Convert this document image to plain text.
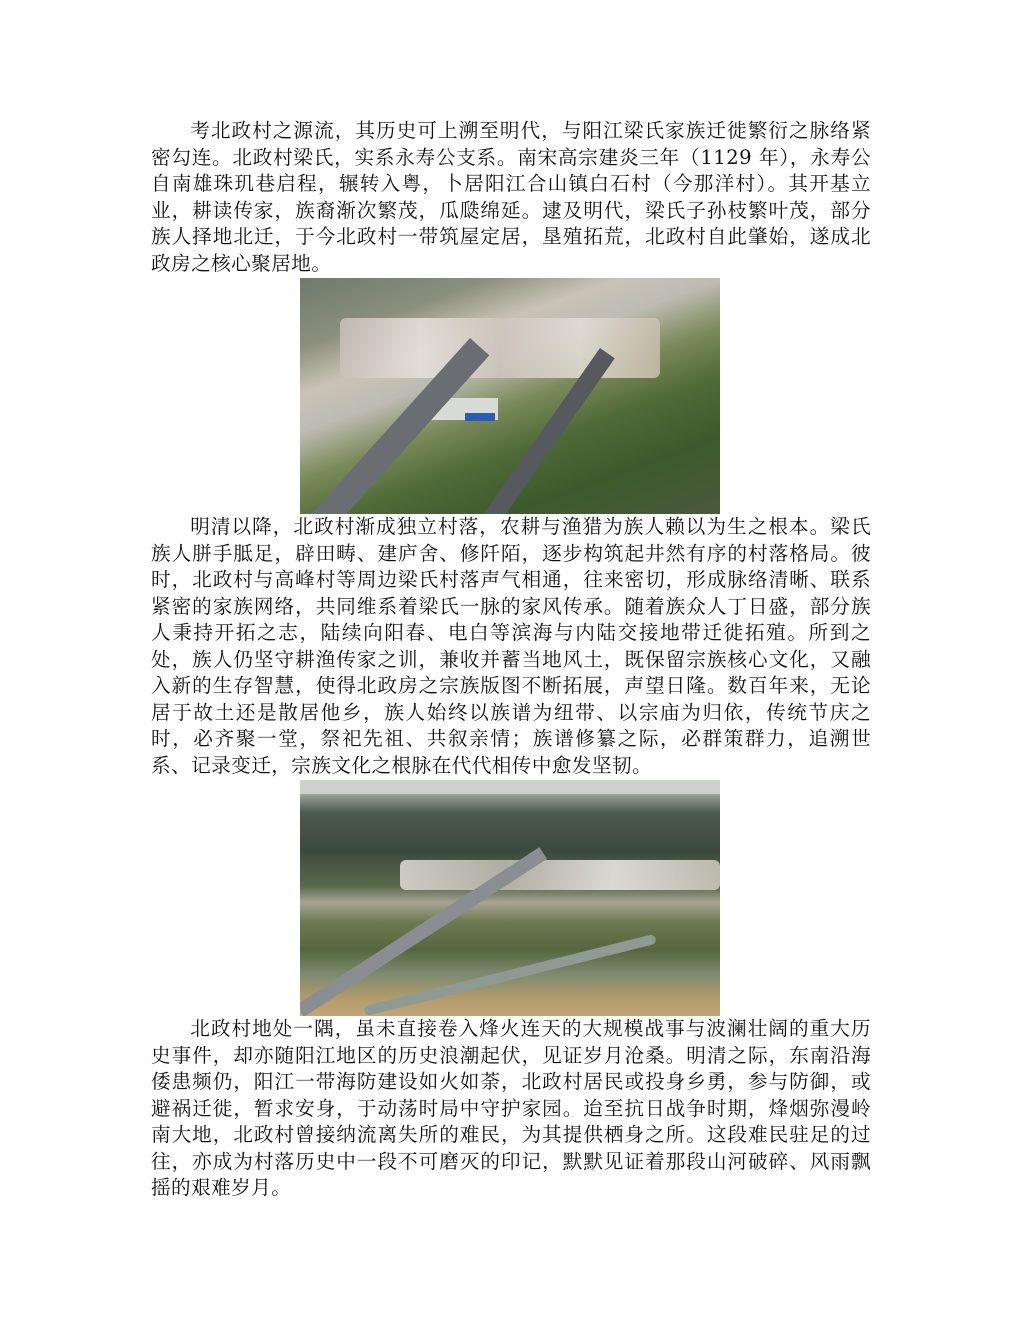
考北政村之源流，其历史可上溯至明代，与阳江梁氏家族迁徙繁衍之脉络紧密勾连。北政村梁氏，实系永寿公支系。南宋高宗建炎三年（1129 年），永寿公自南雄珠玑巷启程，辗转入粤，卜居阳江合山镇白石村（今那洋村）。其开基立业，耕读传家，族裔渐次繁茂，瓜瓞绵延。逮及明代，梁氏子孙枝繁叶茂，部分族人择地北迁，于今北政村一带筑屋定居，垦殖拓荒，北政村自此肇始，遂成北政房之核心聚居地。

明清以降，北政村渐成独立村落，农耕与渔猎为族人赖以为生之根本。梁氏族人胼手胝足，辟田畴、建庐舍、修阡陌，逐步构筑起井然有序的村落格局。彼时，北政村与高峰村等周边梁氏村落声气相通，往来密切，形成脉络清晰、联系紧密的家族网络，共同维系着梁氏一脉的家风传承。随着族众人丁日盛，部分族人秉持开拓之志，陆续向阳春、电白等滨海与内陆交接地带迁徙拓殖。所到之处，族人仍坚守耕渔传家之训，兼收并蓄当地风土，既保留宗族核心文化，又融入新的生存智慧，使得北政房之宗族版图不断拓展，声望日隆。数百年来，无论居于故土还是散居他乡，族人始终以族谱为纽带、以宗庙为归依，传统节庆之时，必齐聚一堂，祭祀先祖、共叙亲情；族谱修纂之际，必群策群力，追溯世系、记录变迁，宗族文化之根脉在代代相传中愈发坚韧。

北政村地处一隅，虽未直接卷入烽火连天的大规模战事与波澜壮阔的重大历史事件，却亦随阳江地区的历史浪潮起伏，见证岁月沧桑。明清之际，东南沿海倭患频仍，阳江一带海防建设如火如荼，北政村居民或投身乡勇，参与防御，或避祸迁徙，暂求安身，于动荡时局中守护家园。迨至抗日战争时期，烽烟弥漫岭南大地，北政村曾接纳流离失所的难民，为其提供栖身之所。这段难民驻足的过往，亦成为村落历史中一段不可磨灭的印记，默默见证着那段山河破碎、风雨飘摇的艰难岁月。
